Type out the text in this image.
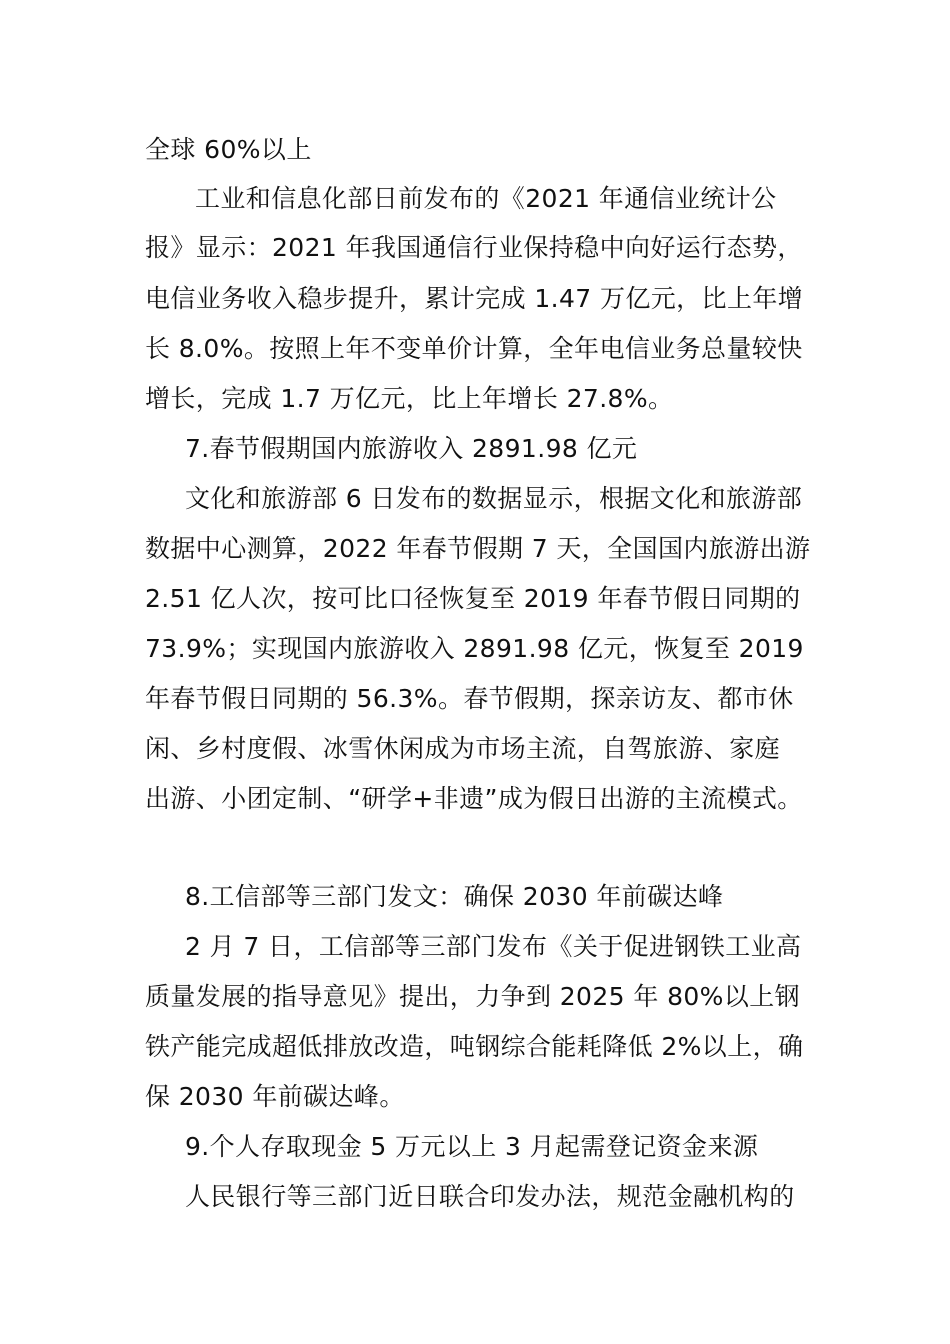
全球 60%以上

工业和信息化部日前发布的《2021 年通信业统计公

报》显示：2021 年我国通信行业保持稳中向好运行态势，

电信业务收入稳步提升，累计完成 1.47 万亿元，比上年增

长 8.0%。按照上年不变单价计算，全年电信业务总量较快

增长，完成 1.7 万亿元，比上年增长 27.8%。

7.春节假期国内旅游收入 2891.98 亿元

文化和旅游部 6 日发布的数据显示，根据文化和旅游部

数据中心测算，2022 年春节假期 7 天，全国国内旅游出游

2.51 亿人次，按可比口径恢复至 2019 年春节假日同期的

73.9%；实现国内旅游收入 2891.98 亿元，恢复至 2019

年春节假日同期的 56.3%。春节假期，探亲访友、都市休

闲、乡村度假、冰雪休闲成为市场主流，自驾旅游、家庭

出游、小团定制、“研学+非遗”成为假日出游的主流模式。

8.工信部等三部门发文：确保 2030 年前碳达峰

2 月 7 日，工信部等三部门发布《关于促进钢铁工业高

质量发展的指导意见》提出，力争到 2025 年 80%以上钢

铁产能完成超低排放改造，吨钢综合能耗降低 2%以上，确

保 2030 年前碳达峰。

9.个人存取现金 5 万元以上 3 月起需登记资金来源

人民银行等三部门近日联合印发办法，规范金融机构的
